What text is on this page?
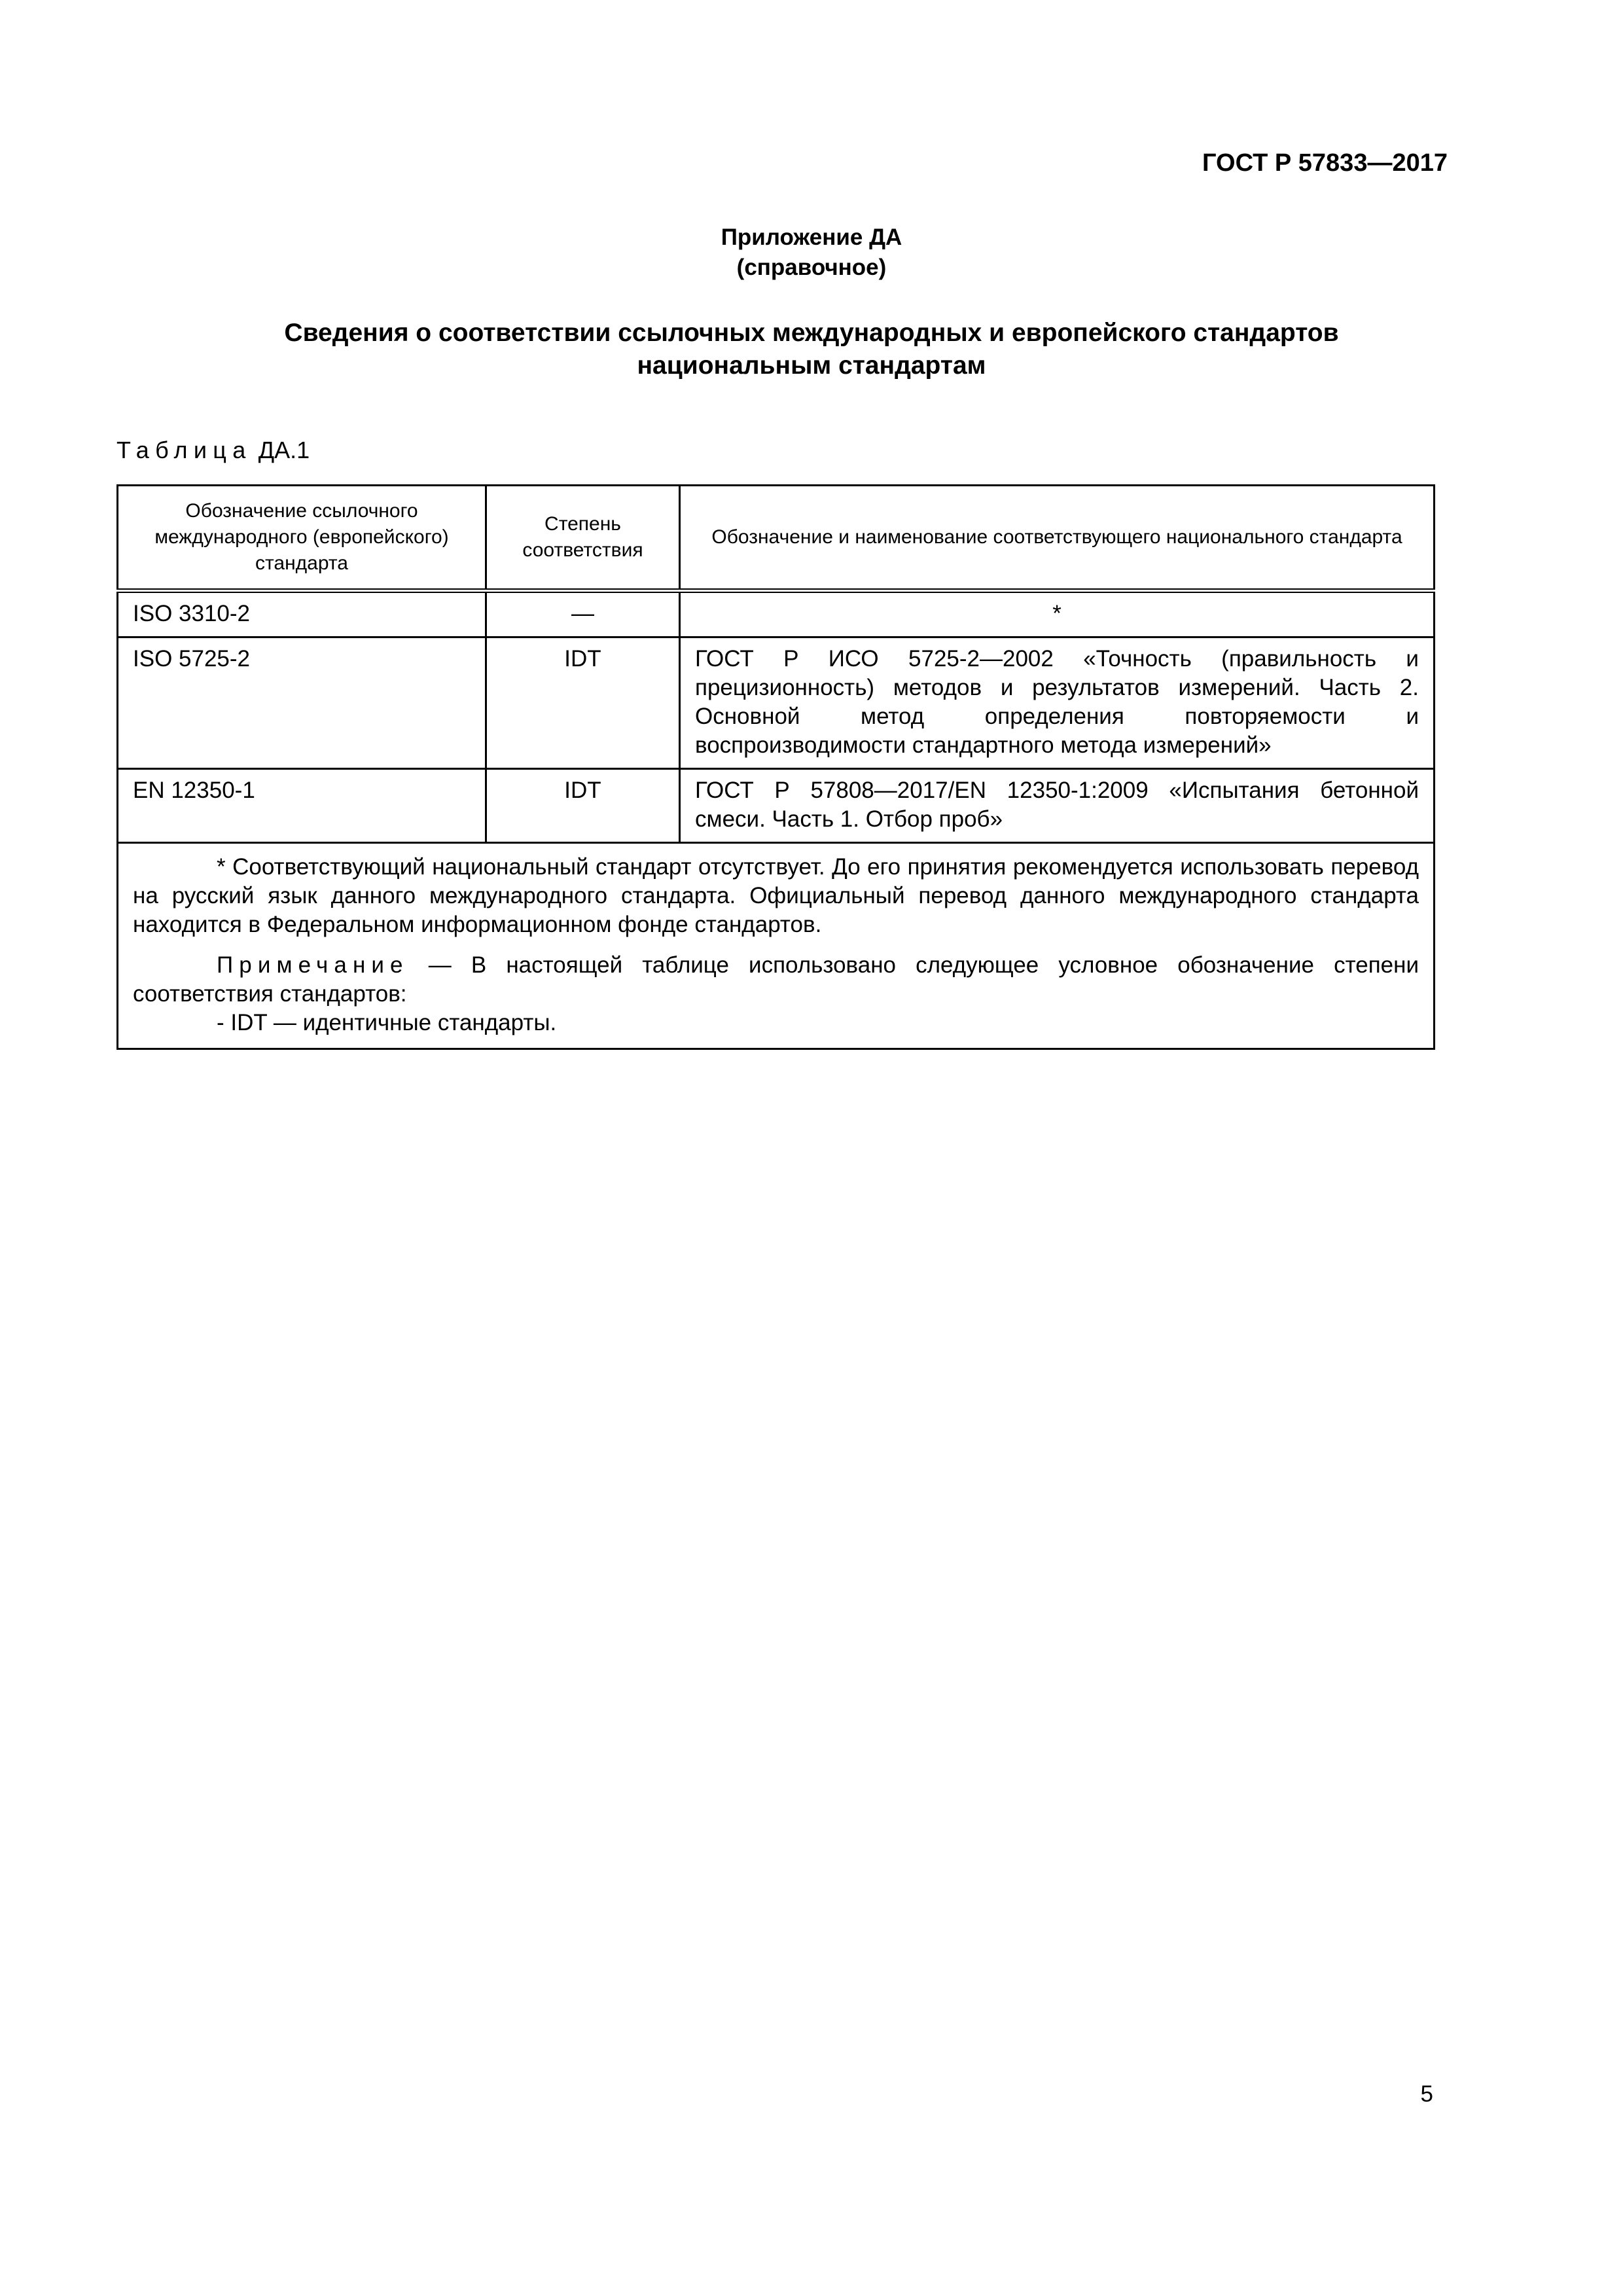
ГОСТ Р 57833—2017
Приложение ДА
(справочное)
Сведения о соответствии ссылочных международных и европейского стандартов
национальным стандартам
Таблица ДА.1
Обозначение ссылочного международного (европейского) стандарта	Степень соответствия	Обозначение и наименование соответствующего национального стандарта
ISO 3310-2	—	*
ISO 5725-2	IDT	ГОСТ Р ИСО 5725-2—2002 «Точность (правильность и прецизионность) методов и результатов измерений. Часть 2. Основной метод определения повторяемости и воспроизводимости стандартного метода измерений»
EN 12350-1	IDT	ГОСТ Р 57808—2017/EN 12350-1:2009 «Испытания бетонной смеси. Часть 1. Отбор проб»

* Соответствующий национальный стандарт отсутствует. До его принятия рекомендуется использовать перевод на русский язык данного международного стандарта. Официальный перевод данного международного стандарта находится в Федеральном информационном фонде стандартов.

Примечание — В настоящей таблице использовано следующее условное обозначение степени соответствия стандартов:

- IDT — идентичные стандарты.		

5
